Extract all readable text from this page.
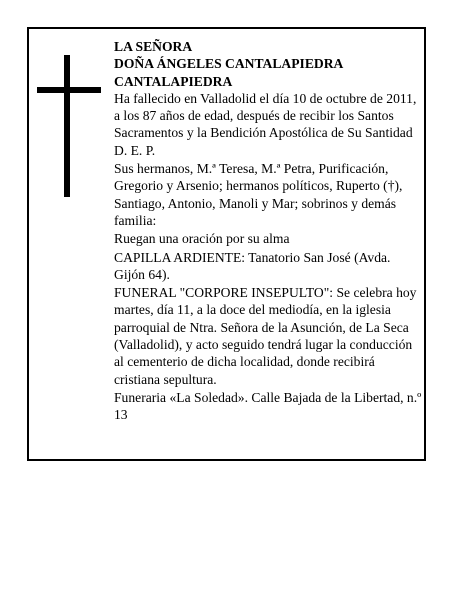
LA SEÑORA

DOÑA ÁNGELES CANTALAPIEDRA

CANTALAPIEDRA

Ha fallecido en Valladolid el día 10 de octubre de 2011, a los 87 años de edad, después de recibir los Santos Sacramentos y la Bendición Apostólica de Su Santidad

D. E. P.

Sus hermanos, M.ª Teresa, M.ª Petra, Purificación, Gregorio y Arsenio; hermanos políticos, Ruperto (†), Santiago, Antonio, Manoli y Mar; sobrinos y demás familia:

Ruegan una oración por su alma

CAPILLA ARDIENTE: Tanatorio San José (Avda. Gijón 64).

FUNERAL "CORPORE INSEPULTO": Se celebra hoy martes, día 11, a la doce del mediodía, en la iglesia parroquial de Ntra. Señora de la Asunción, de La Seca (Valladolid), y acto seguido tendrá lugar la conducción al cementerio de dicha localidad, donde recibirá cristiana sepultura.

Funeraria «La Soledad». Calle Bajada de la Libertad, n.º 13
